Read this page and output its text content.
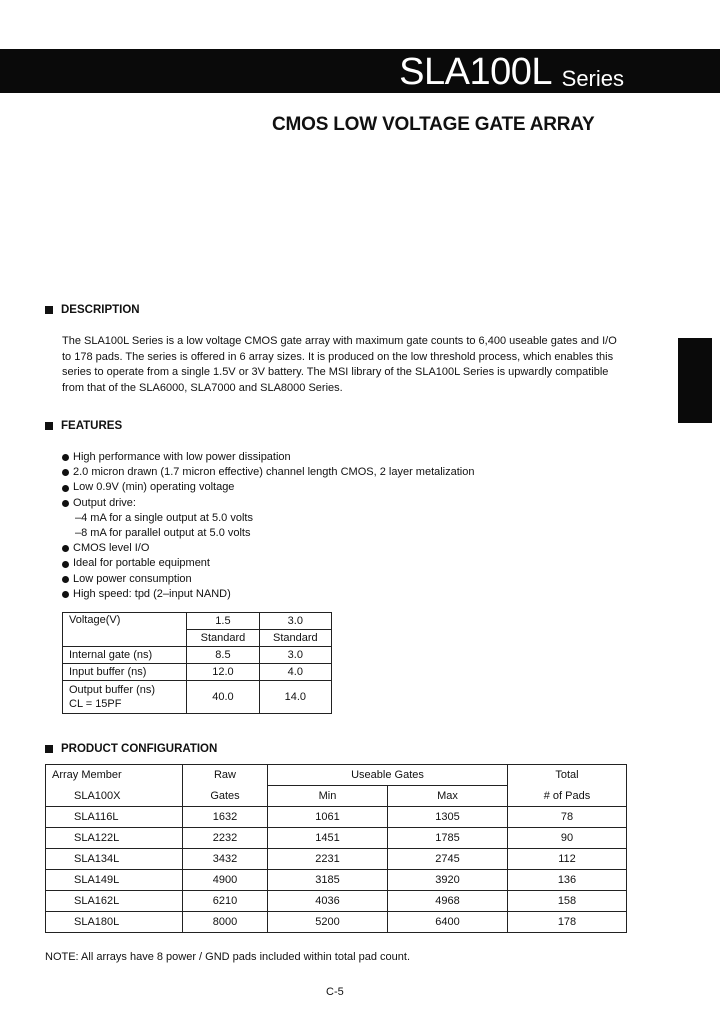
SLA100L Series
CMOS LOW VOLTAGE GATE ARRAY
DESCRIPTION
The SLA100L Series is a low voltage CMOS gate array with maximum gate counts to 6,400 useable gates and I/O to 178 pads. The series is offered in 6 array sizes. It is produced on the low threshold process, which enables this series to operate from a single 1.5V or 3V battery. The MSI library of the SLA100L Series is upwardly compatible from that of the SLA6000, SLA7000 and SLA8000 Series.
FEATURES
High performance with low power dissipation
2.0 micron drawn (1.7 micron effective) channel length CMOS, 2 layer metalization
Low 0.9V (min) operating voltage
Output drive:
–4 mA for a single output at 5.0 volts
–8 mA for parallel output at 5.0 volts
CMOS level I/O
Ideal for portable equipment
Low power consumption
High speed: tpd (2–input NAND)
Voltage(V)	1.5	3.0
	Standard	Standard
Internal gate (ns)	8.5	3.0
Input buffer (ns)	12.0	4.0

Output buffer (ns)
CL = 15PF	40.0	14.0
PRODUCT CONFIGURATION
Array Member	Raw	Useable Gates		Total
SLA100X	Gates	Min	Max	# of Pads
SLA116L	1632	1061	1305	78
SLA122L	2232	1451	1785	90
SLA134L	3432	2231	2745	112
SLA149L	4900	3185	3920	136
SLA162L	6210	4036	4968	158
SLA180L	8000	5200	6400	178
NOTE: All arrays have 8 power / GND pads included within total pad count.
C-5
